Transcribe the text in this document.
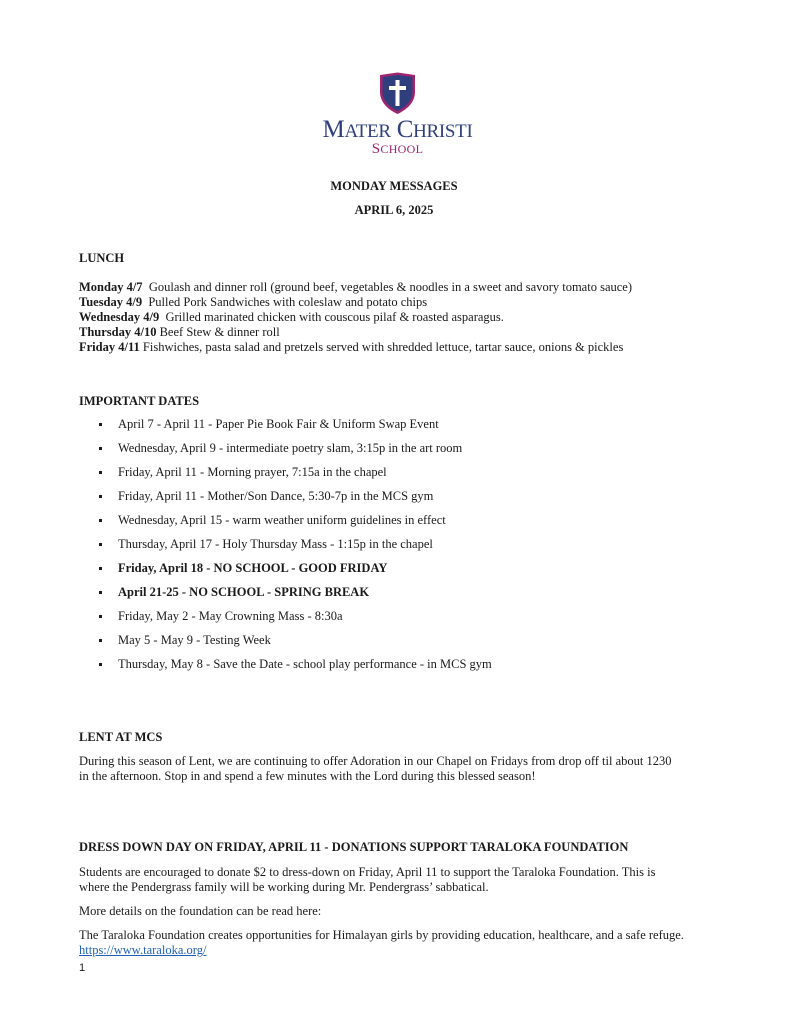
MATER CHRISTI
SCHOOL
MONDAY MESSAGES
APRIL 6, 2025
LUNCH
Monday 4/7 Goulash and dinner roll (ground beef, vegetables & noodles in a sweet and savory tomato sauce)
Tuesday 4/9 Pulled Pork Sandwiches with coleslaw and potato chips
Wednesday 4/9 Grilled marinated chicken with couscous pilaf & roasted asparagus.
Thursday 4/10 Beef Stew & dinner roll
Friday 4/11 Fishwiches, pasta salad and pretzels served with shredded lettuce, tartar sauce, onions & pickles
IMPORTANT DATES
April 7 - April 11 - Paper Pie Book Fair & Uniform Swap Event
Wednesday, April 9 - intermediate poetry slam, 3:15p in the art room
Friday, April 11 - Morning prayer, 7:15a in the chapel
Friday, April 11 - Mother/Son Dance, 5:30-7p in the MCS gym
Wednesday, April 15 - warm weather uniform guidelines in effect
Thursday, April 17 - Holy Thursday Mass - 1:15p in the chapel
Friday, April 18 - NO SCHOOL - GOOD FRIDAY
April 21-25 - NO SCHOOL - SPRING BREAK
Friday, May 2 - May Crowning Mass - 8:30a
May 5 - May 9 - Testing Week
Thursday, May 8 - Save the Date - school play performance - in MCS gym
LENT AT MCS
During this season of Lent, we are continuing to offer Adoration in our Chapel on Fridays from drop off til about 1230
in the afternoon. Stop in and spend a few minutes with the Lord during this blessed season!
DRESS DOWN DAY ON FRIDAY, APRIL 11 - DONATIONS SUPPORT TARALOKA FOUNDATION
Students are encouraged to donate $2 to dress-down on Friday, April 11 to support the Taraloka Foundation. This is
where the Pendergrass family will be working during Mr. Pendergrass’ sabbatical.
More details on the foundation can be read here:
The Taraloka Foundation creates opportunities for Himalayan girls by providing education, healthcare, and a safe refuge.
https://www.taraloka.org/
1
